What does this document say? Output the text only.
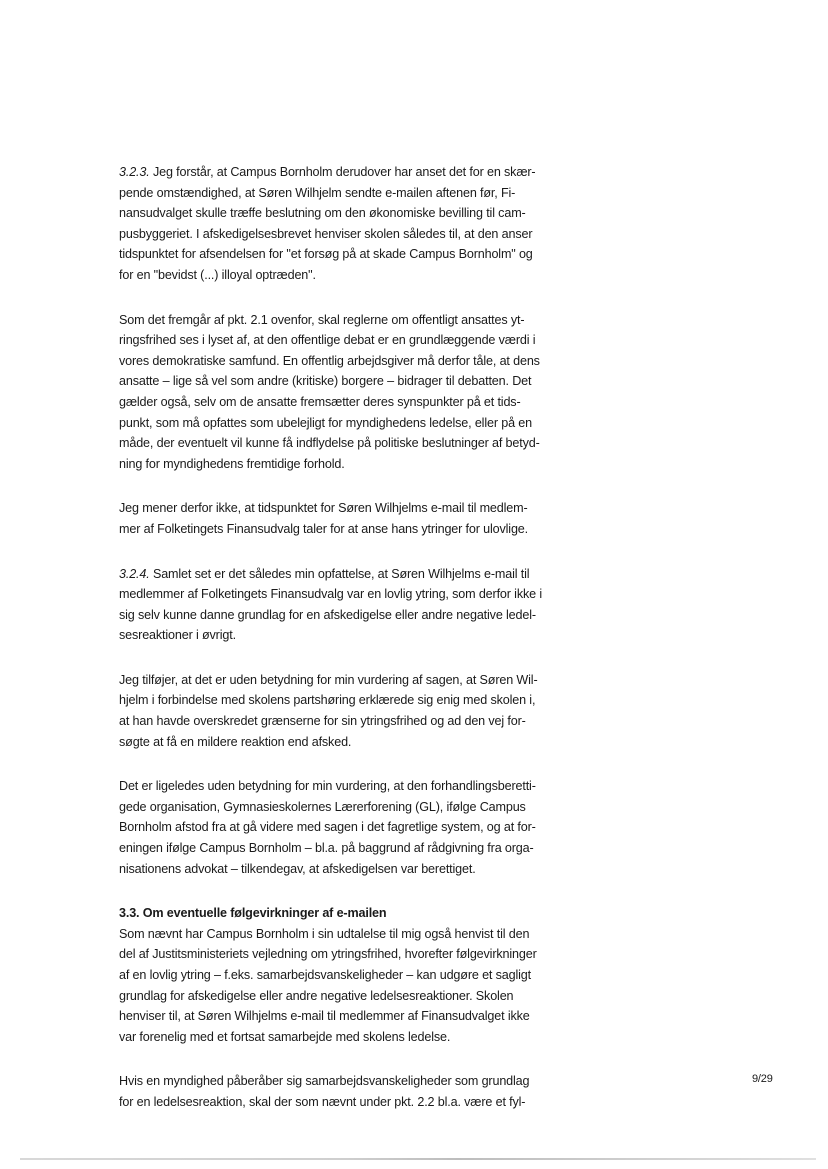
3.2.3. Jeg forstår, at Campus Bornholm derudover har anset det for en skær-
pende omstændighed, at Søren Wilhjelm sendte e-mailen aftenen før, Fi-
nansudvalget skulle træffe beslutning om den økonomiske bevilling til cam-
pusbyggeriet. I afskedigelsesbrevet henviser skolen således til, at den anser
tidspunktet for afsendelsen for "et forsøg på at skade Campus Bornholm" og
for en "bevidst (...) illoyal optræden".

Som det fremgår af pkt. 2.1 ovenfor, skal reglerne om offentligt ansattes yt-
ringsfrihed ses i lyset af, at den offentlige debat er en grundlæggende værdi i
vores demokratiske samfund. En offentlig arbejdsgiver må derfor tåle, at dens
ansatte – lige så vel som andre (kritiske) borgere – bidrager til debatten. Det
gælder også, selv om de ansatte fremsætter deres synspunkter på et tids-
punkt, som må opfattes som ubelejligt for myndighedens ledelse, eller på en
måde, der eventuelt vil kunne få indflydelse på politiske beslutninger af betyd-
ning for myndighedens fremtidige forhold.

Jeg mener derfor ikke, at tidspunktet for Søren Wilhjelms e-mail til medlem-
mer af Folketingets Finansudvalg taler for at anse hans ytringer for ulovlige.

3.2.4. Samlet set er det således min opfattelse, at Søren Wilhjelms e-mail til
medlemmer af Folketingets Finansudvalg var en lovlig ytring, som derfor ikke i
sig selv kunne danne grundlag for en afskedigelse eller andre negative ledel-
sesreaktioner i øvrigt.

Jeg tilføjer, at det er uden betydning for min vurdering af sagen, at Søren Wil-
hjelm i forbindelse med skolens partshøring erklærede sig enig med skolen i,
at han havde overskredet grænserne for sin ytringsfrihed og ad den vej for-
søgte at få en mildere reaktion end afsked.

Det er ligeledes uden betydning for min vurdering, at den forhandlingsberetti-
gede organisation, Gymnasieskolernes Lærerforening (GL), ifølge Campus
Bornholm afstod fra at gå videre med sagen i det fagretlige system, og at for-
eningen ifølge Campus Bornholm – bl.a. på baggrund af rådgivning fra orga-
nisationens advokat – tilkendegav, at afskedigelsen var berettiget.

3.3. Om eventuelle følgevirkninger af e-mailen
Som nævnt har Campus Bornholm i sin udtalelse til mig også henvist til den
del af Justitsministeriets vejledning om ytringsfrihed, hvorefter følgevirkninger
af en lovlig ytring – f.eks. samarbejdsvanskeligheder – kan udgøre et sagligt
grundlag for afskedigelse eller andre negative ledelsesreaktioner. Skolen
henviser til, at Søren Wilhjelms e-mail til medlemmer af Finansudvalget ikke
var forenelig med et fortsat samarbejde med skolens ledelse.

Hvis en myndighed påberåber sig samarbejdsvanskeligheder som grundlag
for en ledelsesreaktion, skal der som nævnt under pkt. 2.2 bl.a. være et fyl-

9/29
